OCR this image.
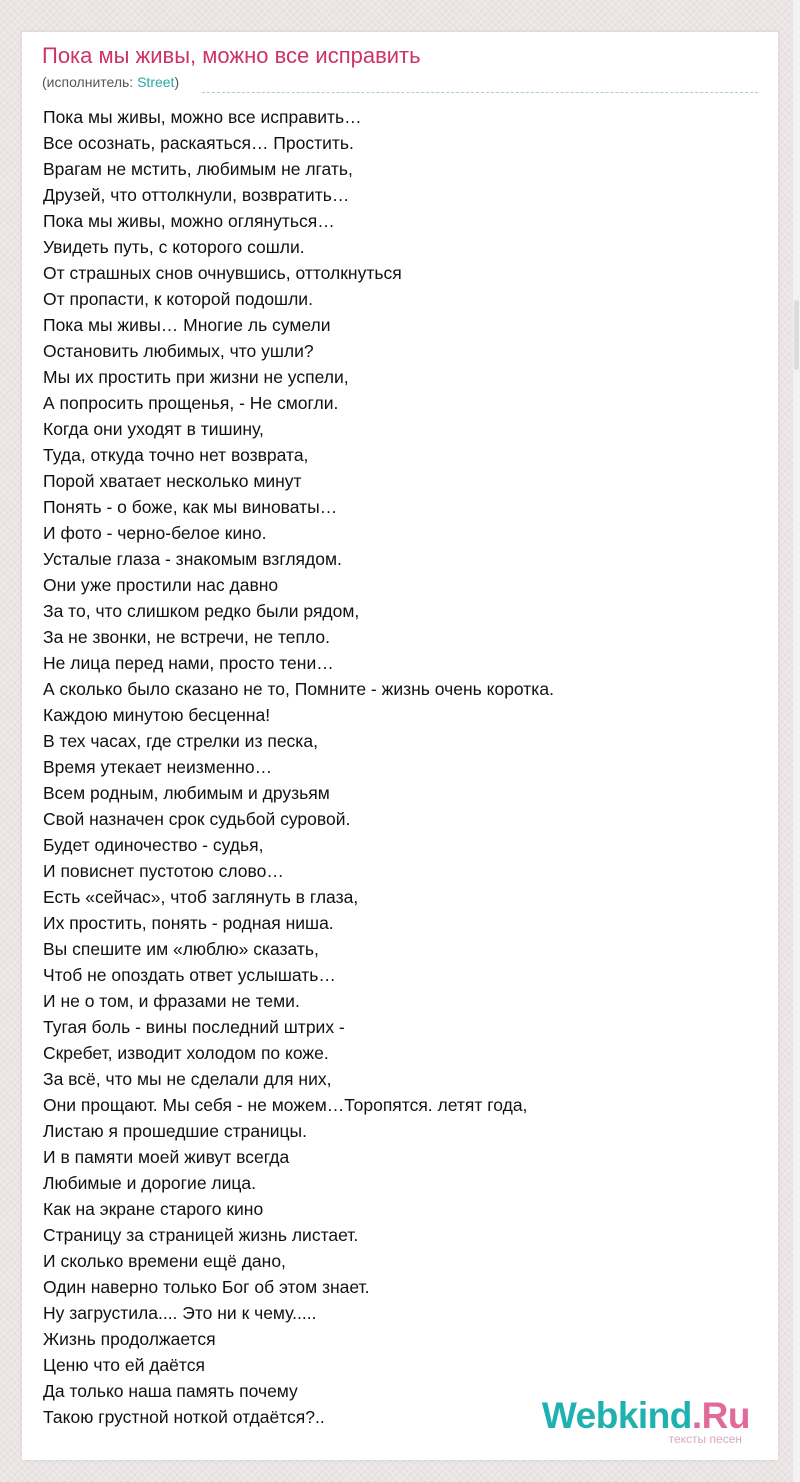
Пока мы живы, можно все исправить
(исполнитель: Street)
Пока мы живы, можно все исправить…
Все осознать, раскаяться… Простить.
Врагам не мстить, любимым не лгать,
Друзей, что оттолкнули, возвратить…
Пока мы живы, можно оглянуться…
Увидеть путь, с которого сошли.
От страшных снов очнувшись, оттолкнуться
От пропасти, к которой подошли.
Пока мы живы… Многие ль сумели
Остановить любимых, что ушли?
Мы их простить при жизни не успели,
А попросить прощенья, - Не смогли.
Когда они уходят в тишину,
Туда, откуда точно нет возврата,
Порой хватает несколько минут
Понять - о боже, как мы виноваты…
И фото - черно-белое кино.
Усталые глаза - знакомым взглядом.
Они уже простили нас давно
За то, что слишком редко были рядом,
За не звонки, не встречи, не тепло.
Не лица перед нами, просто тени…
А сколько было сказано не то, Помните - жизнь очень коротка.
Каждою минутою бесценна!
В тех часах, где стрелки из песка,
Время утекает неизменно…
Всем родным, любимым и друзьям
Свой назначен срок судьбой суровой.
Будет одиночество - судья,
И повиснет пустотою слово…
Есть «сейчас», чтоб заглянуть в глаза,
Их простить, понять - родная ниша.
Вы спешите им «люблю» сказать,
Чтоб не опоздать ответ услышать…
И не о том, и фразами не теми.
Тугая боль - вины последний штрих -
Скребет, изводит холодом по коже.
За всё, что мы не сделали для них,
Они прощают. Мы себя - не можем…Торопятся. летят года,
Листаю я прошедшие страницы.
И в памяти моей живут всегда
Любимые и дорогие лица.
Как на экране старого кино
Страницу за страницей жизнь листает.
И сколько времени ещё дано,
Один наверно только Бог об этом знает.
Ну загрустила.... Это ни к чему.....
Жизнь продолжается
Ценю что ей даётся
Да только наша память почему
Такою грустной ноткой отдаётся?..	Webkind.Ru
тексты песен
